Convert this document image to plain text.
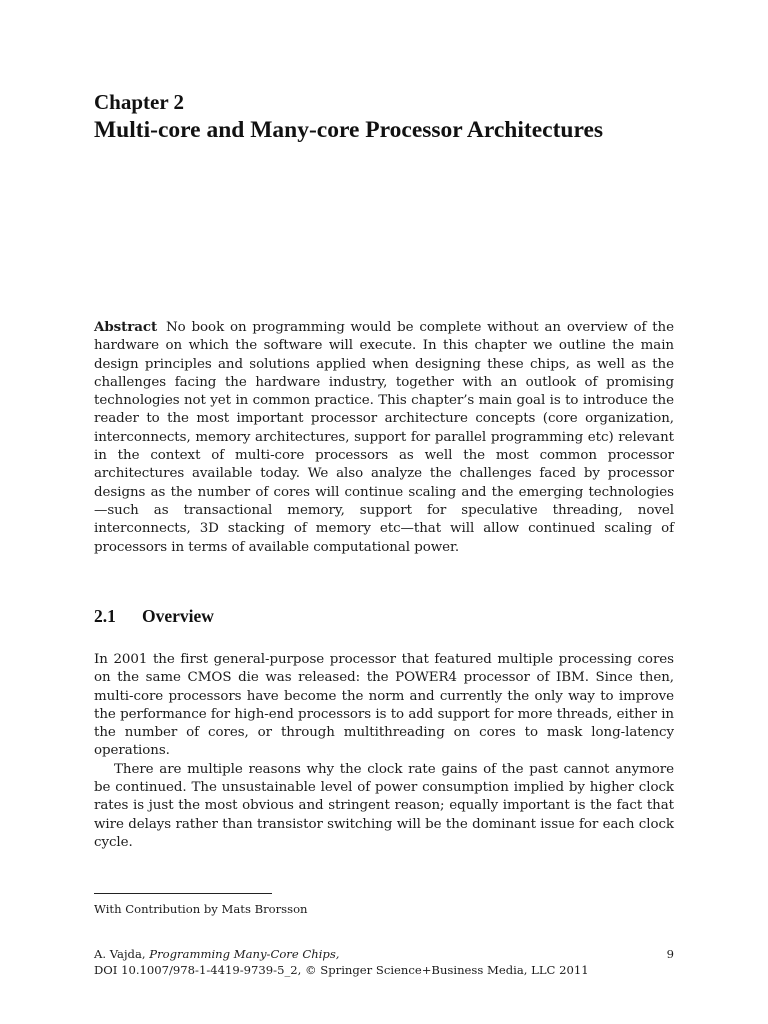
Chapter 2
Multi-core and Many-core Processor Architectures
Abstract No book on programming would be complete without an overview of the hardware on which the software will execute. In this chapter we outline the main design principles and solutions applied when designing these chips, as well as the challenges facing the hardware industry, together with an outlook of promising technologies not yet in common practice. This chapter’s main goal is to introduce the reader to the most important processor architecture concepts (core organization, interconnects, memory architectures, support for parallel programming etc) relevant in the context of multi-core processors as well the most common processor architectures available today. We also analyze the challenges faced by processor designs as the number of cores will continue scaling and the emerging technologies—such as transactional memory, support for speculative threading, novel interconnects, 3D stacking of memory etc—that will allow continued scaling of processors in terms of available computational power.
2.1 Overview

In 2001 the first general-purpose processor that featured multiple processing cores on the same CMOS die was released: the POWER4 processor of IBM. Since then, multi-core processors have become the norm and currently the only way to improve the performance for high-end processors is to add support for more threads, either in the number of cores, or through multithreading on cores to mask long-latency operations.

There are multiple reasons why the clock rate gains of the past cannot anymore be continued. The unsustainable level of power consumption implied by higher clock rates is just the most obvious and stringent reason; equally important is the fact that wire delays rather than transistor switching will be the dominant issue for each clock cycle.

With Contribution by Mats Brorsson
A. Vajda, Programming Many-Core Chips,
DOI 10.1007/978-1-4419-9739-5_2, © Springer Science+Business Media, LLC 2011
9
